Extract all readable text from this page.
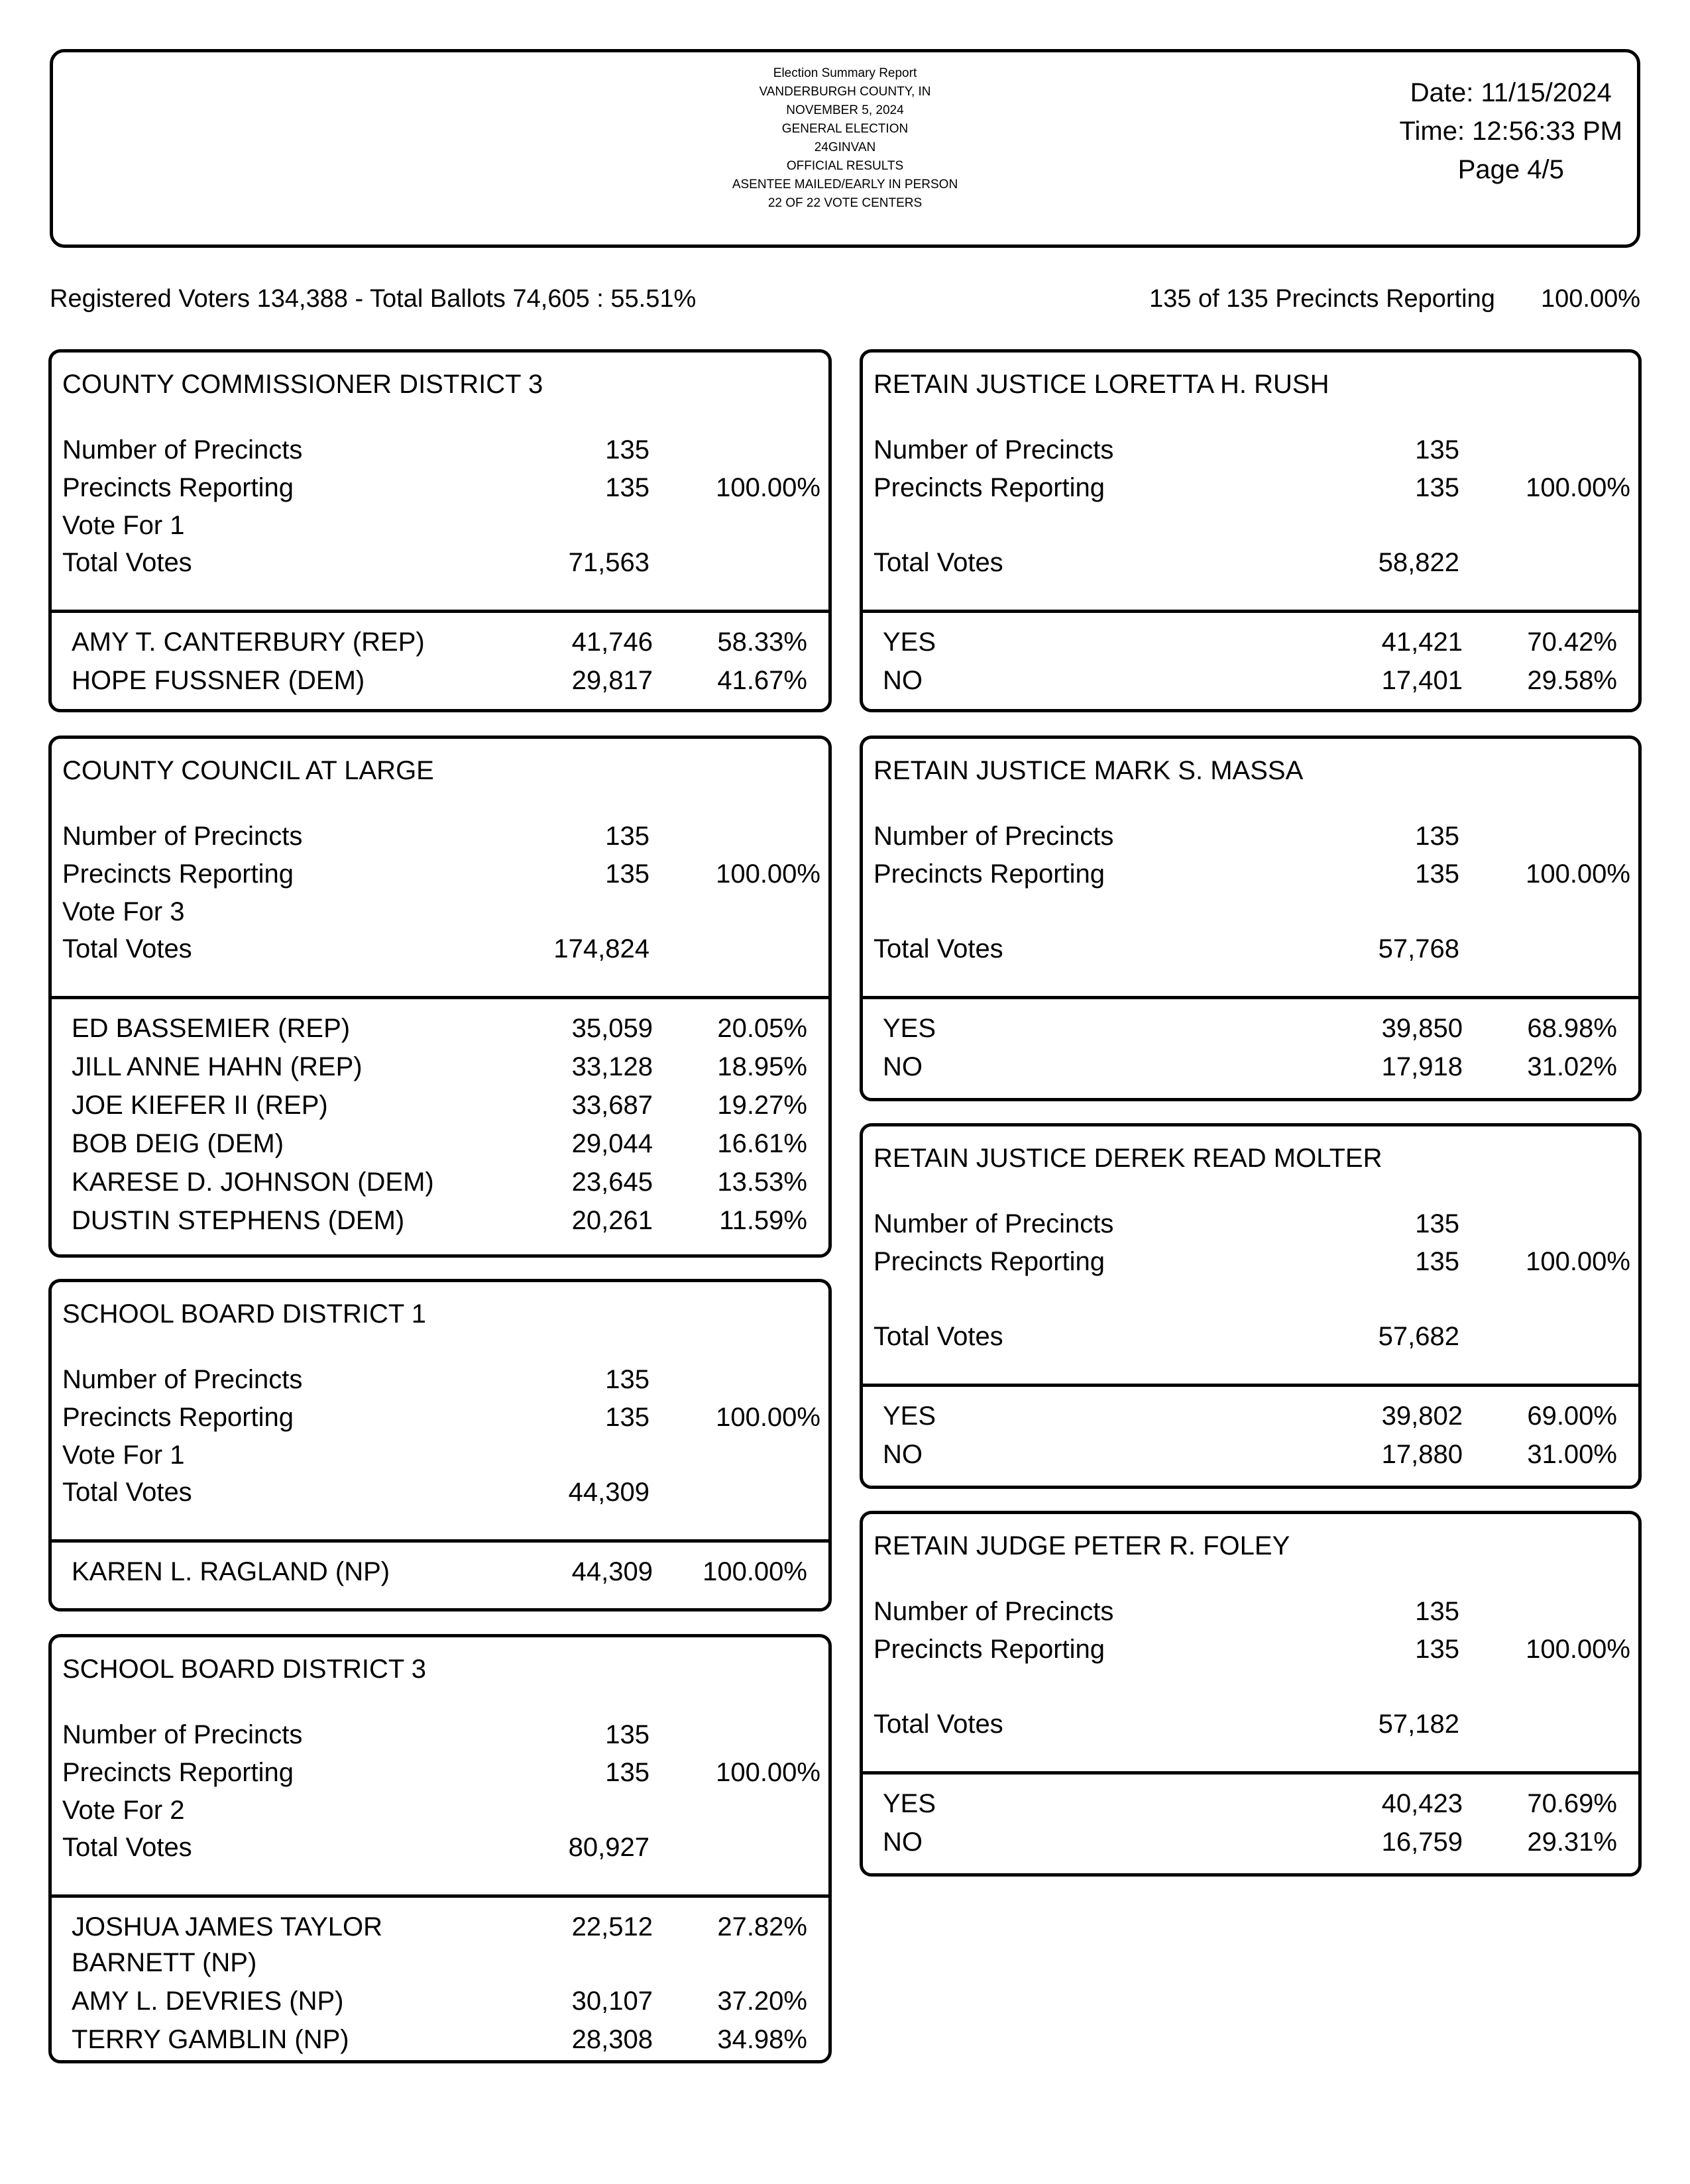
Election Summary Report
VANDERBURGH COUNTY, IN
NOVEMBER 5, 2024
GENERAL ELECTION
24GINVAN
OFFICIAL RESULTS
ASENTEE MAILED/EARLY IN PERSON
22 OF 22 VOTE CENTERS
Date: 11/15/2024
Time: 12:56:33 PM
Page 4/5
Registered Voters 134,388 - Total Ballots 74,605 : 55.51%	135 of 135 Precincts Reporting 100.00%
COUNTY COMMISSIONER DISTRICT 3
Number of Precincts	135
Precincts Reporting	135	100.00%
Vote For 1
Total Votes	71,563
AMY T. CANTERBURY (REP)	41,746 58.33%
HOPE FUSSNER (DEM)	29,817 41.67%
COUNTY COUNCIL AT LARGE
Number of Precincts	135
Precincts Reporting	135	100.00%
Vote For 3
Total Votes	174,824
ED BASSEMIER (REP)	35,059 20.05%
JILL ANNE HAHN (REP)	33,128 18.95%
JOE KIEFER II (REP)	33,687 19.27%
BOB DEIG (DEM)	29,044 16.61%
KARESE D. JOHNSON (DEM)	23,645 13.53%
DUSTIN STEPHENS (DEM)	20,261	11.59%
SCHOOL BOARD DISTRICT 1
Number of Precincts	135
Precincts Reporting	135	100.00%
Vote For 1
Total Votes	44,309
KAREN L. RAGLAND (NP)	44,309 100.00%
SCHOOL BOARD DISTRICT 3
Number of Precincts	135
Precincts Reporting	135	100.00%
Vote For 2
Total Votes	80,927
JOSHUA JAMES TAYLOR
BARNETT (NP)
22,512 27.82%
AMY L. DEVRIES (NP)	30,107 37.20%
TERRY GAMBLIN (NP)	28,308 34.98%
RETAIN JUSTICE LORETTA H. RUSH
Number of Precincts	135
Precincts Reporting	135	100.00%
Total Votes	58,822
YES	41,421 70.42%
NO	17,401 29.58%
RETAIN JUSTICE MARK S. MASSA
Number of Precincts	135
Precincts Reporting	135	100.00%
Total Votes	57,768
YES	39,850 68.98%
NO	17,918 31.02%
RETAIN JUSTICE DEREK READ MOLTER
Number of Precincts	135
Precincts Reporting	135	100.00%
Total Votes	57,682
YES	39,802 69.00%
NO	17,880 31.00%
RETAIN JUDGE PETER R. FOLEY
Number of Precincts	135
Precincts Reporting	135	100.00%
Total Votes	57,182
YES	40,423 70.69%
NO	16,759 29.31%
